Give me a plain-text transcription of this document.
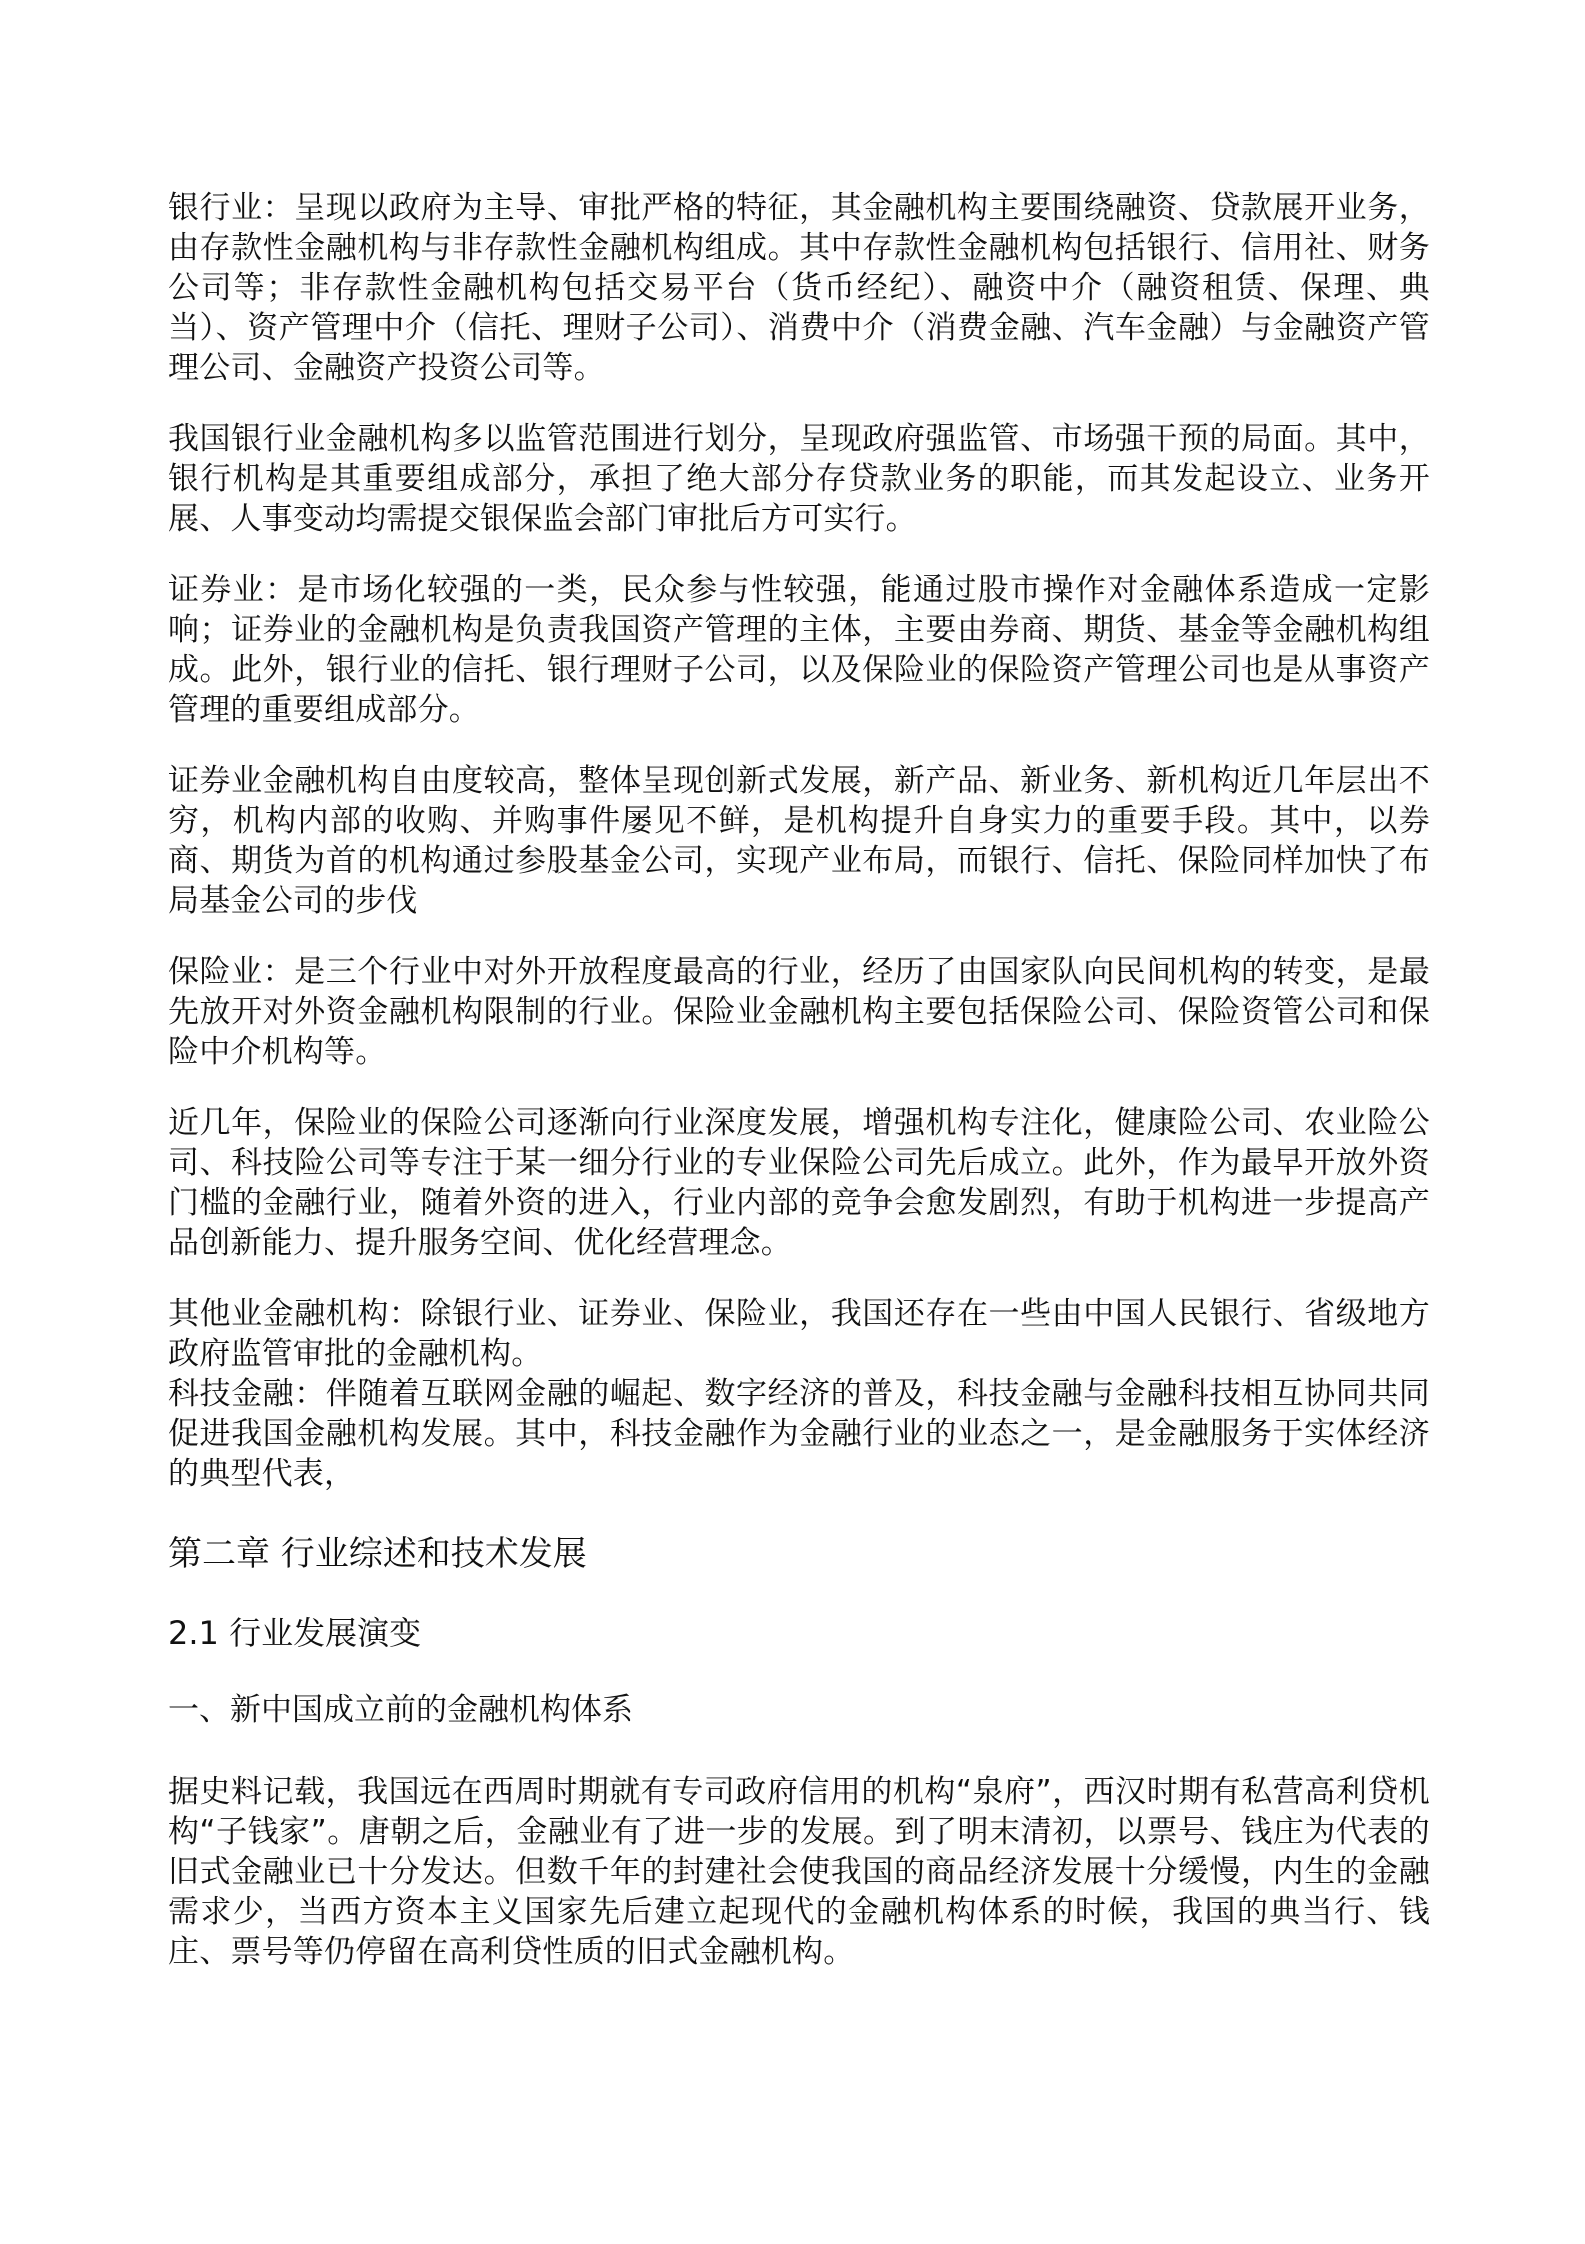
银行业：呈现以政府为主导、审批严格的特征，其金融机构主要围绕融资、贷款展开业务，由存款性金融机构与非存款性金融机构组成。其中存款性金融机构包括银行、信用社、财务公司等；非存款性金融机构包括交易平台（货币经纪）、融资中介（融资租赁、保理、典当）、资产管理中介（信托、理财子公司）、消费中介（消费金融、汽车金融）与金融资产管理公司、金融资产投资公司等。

我国银行业金融机构多以监管范围进行划分，呈现政府强监管、市场强干预的局面。其中，银行机构是其重要组成部分，承担了绝大部分存贷款业务的职能，而其发起设立、业务开展、人事变动均需提交银保监会部门审批后方可实行。

证券业：是市场化较强的一类，民众参与性较强，能通过股市操作对金融体系造成一定影响；证券业的金融机构是负责我国资产管理的主体，主要由券商、期货、基金等金融机构组成。此外，银行业的信托、银行理财子公司，以及保险业的保险资产管理公司也是从事资产管理的重要组成部分。

证券业金融机构自由度较高，整体呈现创新式发展，新产品、新业务、新机构近几年层出不穷，机构内部的收购、并购事件屡见不鲜，是机构提升自身实力的重要手段。其中，以券商、期货为首的机构通过参股基金公司，实现产业布局，而银行、信托、保险同样加快了布局基金公司的步伐

保险业：是三个行业中对外开放程度最高的行业，经历了由国家队向民间机构的转变，是最先放开对外资金融机构限制的行业。保险业金融机构主要包括保险公司、保险资管公司和保险中介机构等。

近几年，保险业的保险公司逐渐向行业深度发展，增强机构专注化，健康险公司、农业险公司、科技险公司等专注于某一细分行业的专业保险公司先后成立。此外，作为最早开放外资门槛的金融行业，随着外资的进入，行业内部的竞争会愈发剧烈，有助于机构进一步提高产品创新能力、提升服务空间、优化经营理念。

其他业金融机构：除银行业、证券业、保险业，我国还存在一些由中国人民银行、省级地方政府监管审批的金融机构。

科技金融：伴随着互联网金融的崛起、数字经济的普及，科技金融与金融科技相互协同共同促进我国金融机构发展。其中，科技金融作为金融行业的业态之一，是金融服务于实体经济的典型代表，

第二章 行业综述和技术发展
2.1 行业发展演变
一、新中国成立前的金融机构体系

据史料记载，我国远在西周时期就有专司政府信用的机构“泉府”，西汉时期有私营高利贷机构“子钱家”。唐朝之后，金融业有了进一步的发展。到了明末清初，以票号、钱庄为代表的旧式金融业已十分发达。但数千年的封建社会使我国的商品经济发展十分缓慢，内生的金融需求少，当西方资本主义国家先后建立起现代的金融机构体系的时候，我国的典当行、钱庄、票号等仍停留在高利贷性质的旧式金融机构。
